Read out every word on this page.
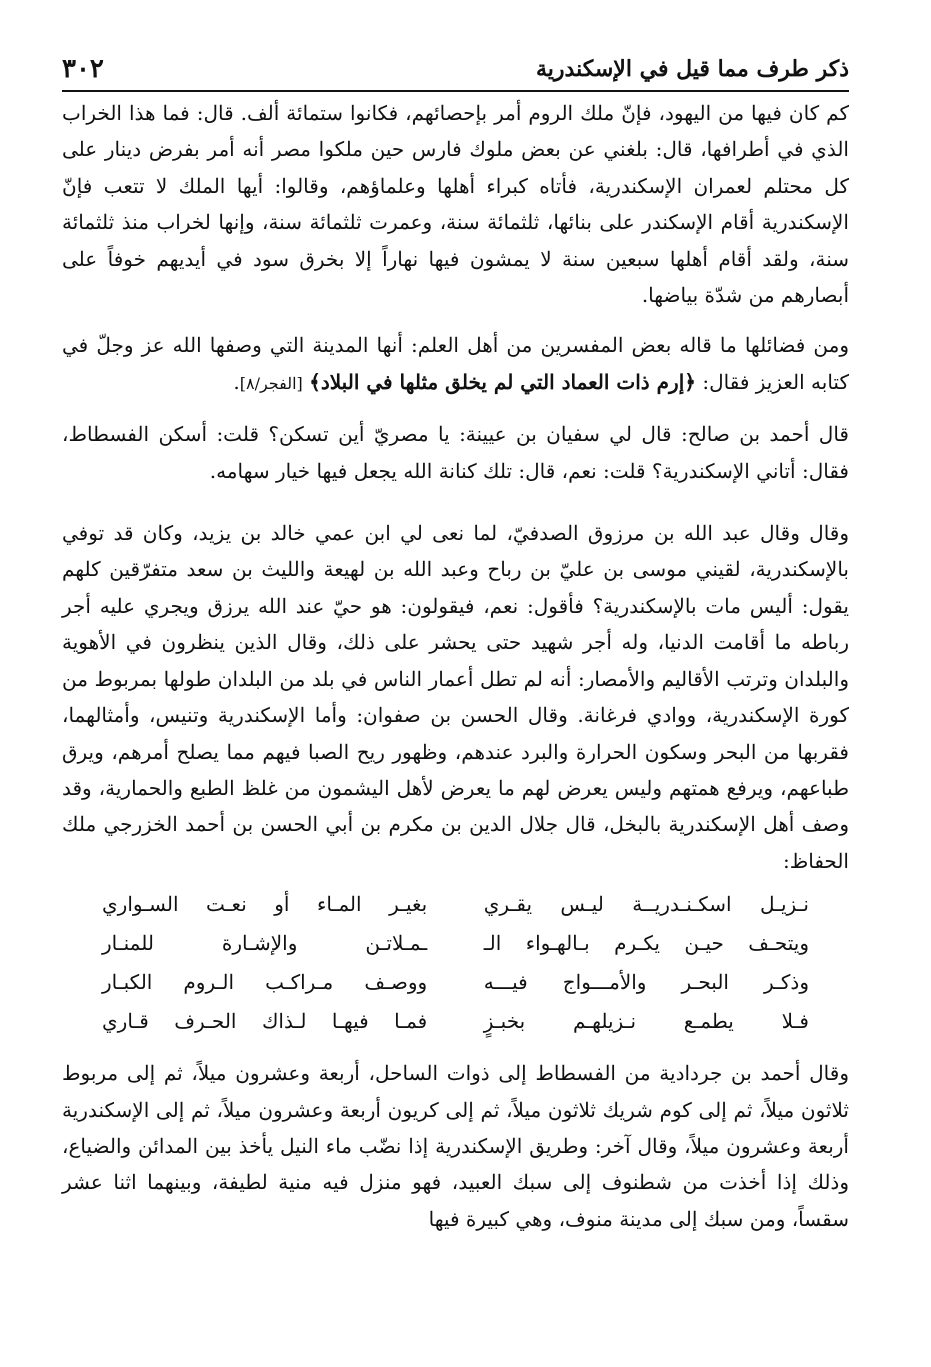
ذكر طرف مما قيل في الإسكندرية
٣٠٢

كم كان فيها من اليهود، فإنّ ملك الروم أمر بإحصائهم، فكانوا ستمائة ألف. قال: فما هذا الخراب الذي في أطرافها، قال: بلغني عن بعض ملوك فارس حين ملكوا مصر أنه أمر بفرض دينار على كل محتلم لعمران الإسكندرية، فأتاه كبراء أهلها وعلماؤهم، وقالوا: أيها الملك لا تتعب فإنّ الإسكندرية أقام الإسكندر على بنائها، ثلثمائة سنة، وعمرت ثلثمائة سنة، وإنها لخراب منذ ثلثمائة سنة، ولقد أقام أهلها سبعين سنة لا يمشون فيها نهاراً إلا بخرق سود في أيديهم خوفاً على أبصارهم من شدّة بياضها.

ومن فضائلها ما قاله بعض المفسرين من أهل العلم: أنها المدينة التي وصفها الله عز وجلّ في كتابه العزيز فقال: ﴿إرم ذات العماد التي لم يخلق مثلها في البلاد﴾ [الفجر/٨].

قال أحمد بن صالح: قال لي سفيان بن عيينة: يا مصريّ أين تسكن؟ قلت: أسكن الفسطاط، فقال: أتاني الإسكندرية؟ قلت: نعم، قال: تلك كنانة الله يجعل فيها خيار سهامه.

وقال وقال عبد الله بن مرزوق الصدفيّ، لما نعى لي ابن عمي خالد بن يزيد، وكان قد توفي بالإسكندرية، لقيني موسى بن عليّ بن رباح وعبد الله بن لهيعة والليث بن سعد متفرّقين كلهم يقول: أليس مات بالإسكندرية؟ فأقول: نعم، فيقولون: هو حيّ عند الله يرزق ويجري عليه أجر رباطه ما أقامت الدنيا، وله أجر شهيد حتى يحشر على ذلك، وقال الذين ينظرون في الأهوية والبلدان وترتب الأقاليم والأمصار: أنه لم تطل أعمار الناس في بلد من البلدان طولها بمربوط من كورة الإسكندرية، ووادي فرغانة. وقال الحسن بن صفوان: وأما الإسكندرية وتنيس، وأمثالهما، فقربها من البحر وسكون الحرارة والبرد عندهم، وظهور ريح الصبا فيهم مما يصلح أمرهم، ويرق طباعهم، ويرفع همتهم وليس يعرض لهم ما يعرض لأهل اليشمون من غلظ الطبع والحمارية، وقد وصف أهل الإسكندرية بالبخل، قال جلال الدين بن مكرم بن أبي الحسن بن أحمد الخزرجي ملك الحفاظ:

نـزيـل اسكـنـدريــة ليـس يقـري
بغيـر المـاء أو نعـت السـواري
ويتحـف حيـن يكـرم بـالهـواء الـ
ـمـلاتـن والإشـارة للمنـار
وذكـر البحـر والأمـــواج فيـــه
ووصـف مـراكـب الـروم الكبـار
فـلا يطمـع نـزيلهـم بخبـزٍ
فمـا فيهـا لـذاك الحـرف قـاري

وقال أحمد بن جردادية من الفسطاط إلى ذوات الساحل، أربعة وعشرون ميلاً، ثم إلى مربوط ثلاثون ميلاً، ثم إلى كوم شريك ثلاثون ميلاً، ثم إلى كريون أربعة وعشرون ميلاً، ثم إلى الإسكندرية أربعة وعشرون ميلاً، وقال آخر: وطريق الإسكندرية إذا نضّب ماء النيل يأخذ بين المدائن والضياع، وذلك إذا أخذت من شطنوف إلى سبك العبيد، فهو منزل فيه منية لطيفة، وبينهما اثنا عشر سقساً، ومن سبك إلى مدينة منوف، وهي كبيرة فيها
